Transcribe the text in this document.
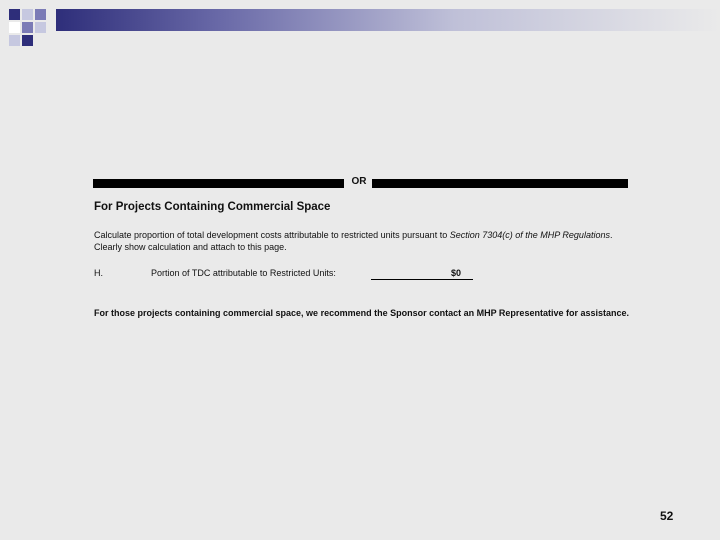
OR
For Projects Containing Commercial Space
Calculate proportion of total development costs attributable to restricted units pursuant to Section 7304(c) of the MHP Regulations. Clearly show calculation and attach to this page.
H.	Portion of TDC attributable to Restricted Units:	$0
For those projects containing commercial space, we recommend the Sponsor contact an MHP Representative for assistance.
52
